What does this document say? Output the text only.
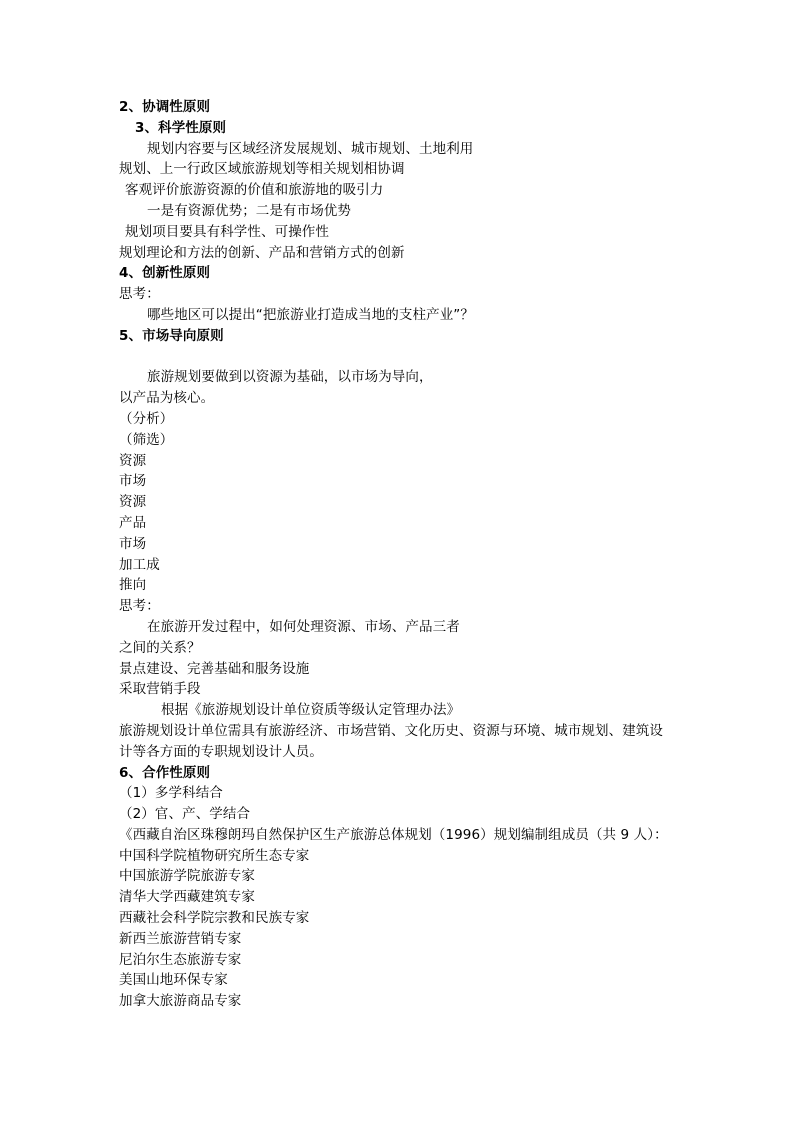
2、协调性原则
3、科学性原则
规划内容要与区域经济发展规划、城市规划、土地利用
规划、上一行政区域旅游规划等相关规划相协调
客观评价旅游资源的价值和旅游地的吸引力
一是有资源优势；二是有市场优势
规划项目要具有科学性、可操作性
规划理论和方法的创新、产品和营销方式的创新
4、创新性原则
思考：
哪些地区可以提出“把旅游业打造成当地的支柱产业”？
5、市场导向原则
旅游规划要做到以资源为基础，以市场为导向，
以产品为核心。
（分析）
（筛选）
资源
市场
资源
产品
市场
加工成
推向
思考：
在旅游开发过程中，如何处理资源、市场、产品三者
之间的关系？
景点建设、完善基础和服务设施
采取营销手段
根据《旅游规划设计单位资质等级认定管理办法》
旅游规划设计单位需具有旅游经济、市场营销、文化历史、资源与环境、城市规划、建筑设
计等各方面的专职规划设计人员。
6、合作性原则
（1）多学科结合
（2）官、产、学结合
《西藏自治区珠穆朗玛自然保护区生产旅游总体规划（1996）规划编制组成员（共 9 人）：
中国科学院植物研究所生态专家
中国旅游学院旅游专家
清华大学西藏建筑专家
西藏社会科学院宗教和民族专家
新西兰旅游营销专家
尼泊尔生态旅游专家
美国山地环保专家
加拿大旅游商品专家
